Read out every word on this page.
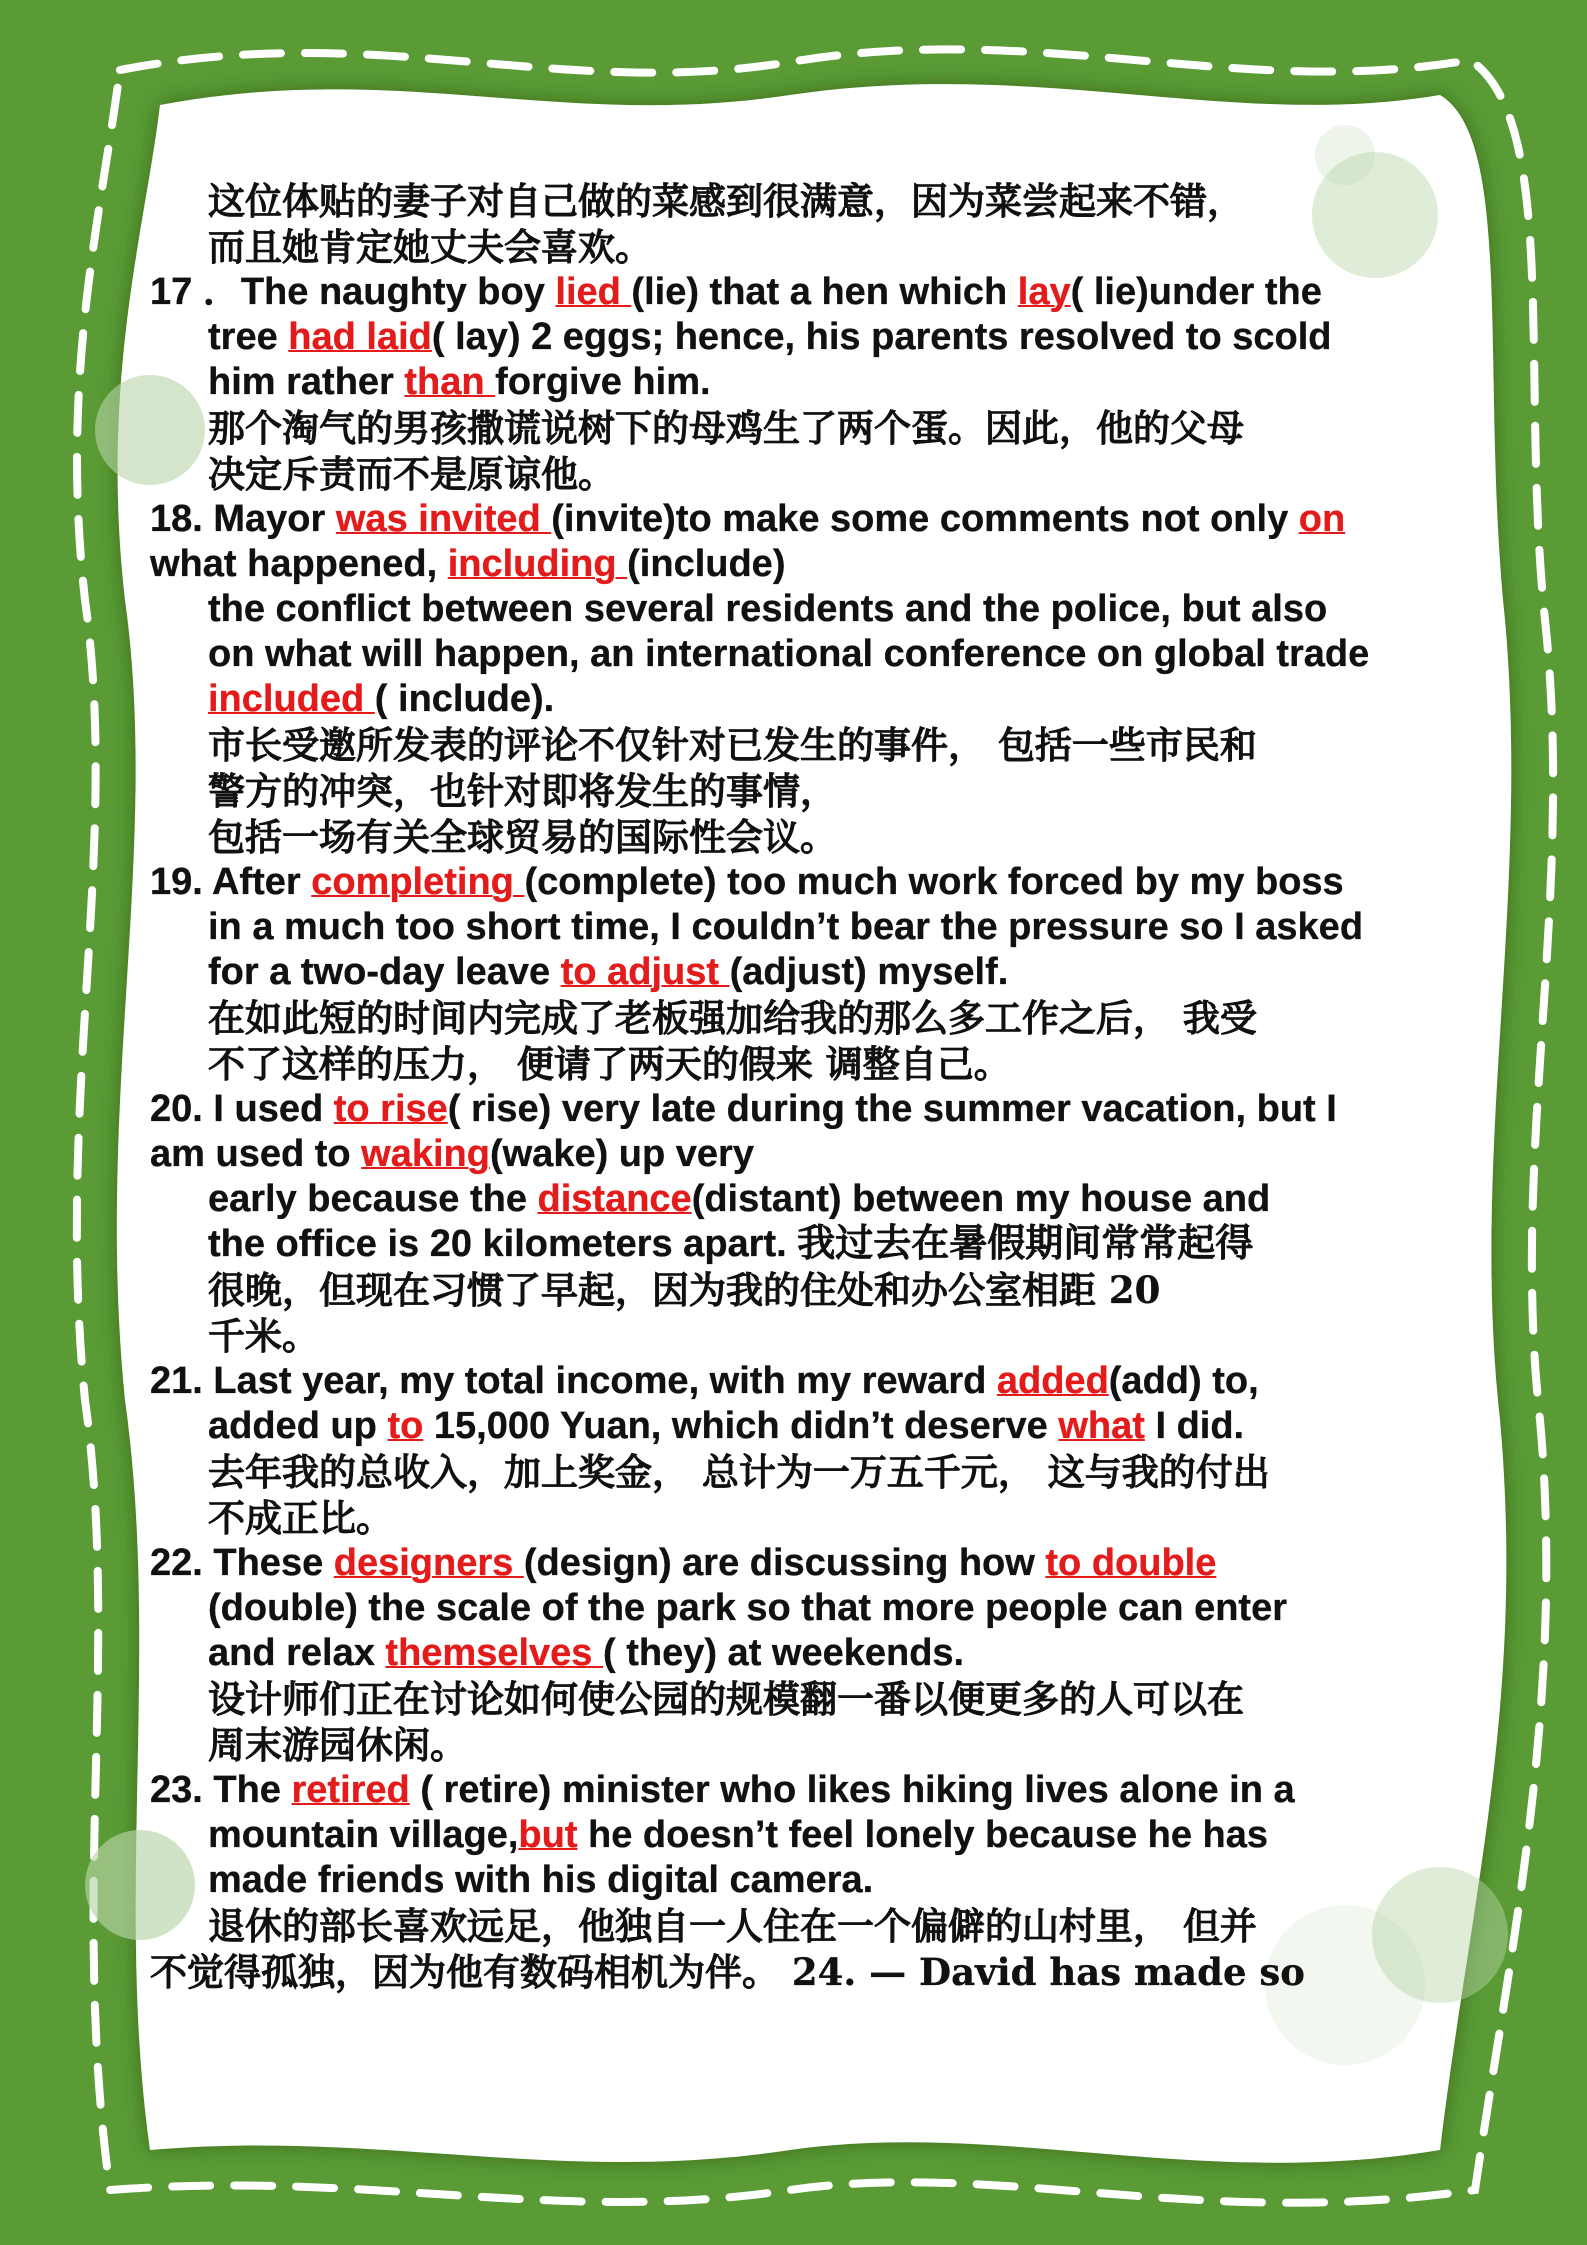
这位体贴的妻子对自己做的菜感到很满意，因为菜尝起来不错，
而且她肯定她丈夫会喜欢。
17 ．The naughty boy lied (lie) that a hen which lay( lie)under the
tree had laid( lay) 2 eggs; hence, his parents resolved to scold
him rather than forgive him.
那个淘气的男孩撒谎说树下的母鸡生了两个蛋。因此，他的父母
决定斥责而不是原谅他。
18. Mayor was invited (invite)to make some comments not only on
what happened, including (include)
the conflict between several residents and the police, but also
on what will happen, an international conference on global trade
included ( include).
市长受邀所发表的评论不仅针对已发生的事件， 包括一些市民和
警方的冲突，也针对即将发生的事情，
包括一场有关全球贸易的国际性会议。
19. After completing (complete) too much work forced by my boss
in a much too short time, I couldn’t bear the pressure so I asked
for a two-day leave to adjust (adjust) myself.
在如此短的时间内完成了老板强加给我的那么多工作之后， 我受
不了这样的压力， 便请了两天的假来 调整自己。
20. I used to rise( rise) very late during the summer vacation, but I
am used to waking(wake) up very
early because the distance(distant) between my house and
the office is 20 kilometers apart. 我过去在暑假期间常常起得
很晚，但现在习惯了早起，因为我的住处和办公室相距 20
千米。
21. Last year, my total income, with my reward added(add) to,
added up to 15,000 Yuan, which didn’t deserve what I did.
去年我的总收入，加上奖金， 总计为一万五千元， 这与我的付出
不成正比。
22. These designers (design) are discussing how to double
(double) the scale of the park so that more people can enter
and relax themselves ( they) at weekends.
设计师们正在讨论如何使公园的规模翻一番以便更多的人可以在
周末游园休闲。
23. The retired ( retire) minister who likes hiking lives alone in a
mountain village,but he doesn’t feel lonely because he has
made friends with his digital camera.
退休的部长喜欢远足，他独自一人住在一个偏僻的山村里， 但并
不觉得孤独，因为他有数码相机为伴。 24. — David has made so
